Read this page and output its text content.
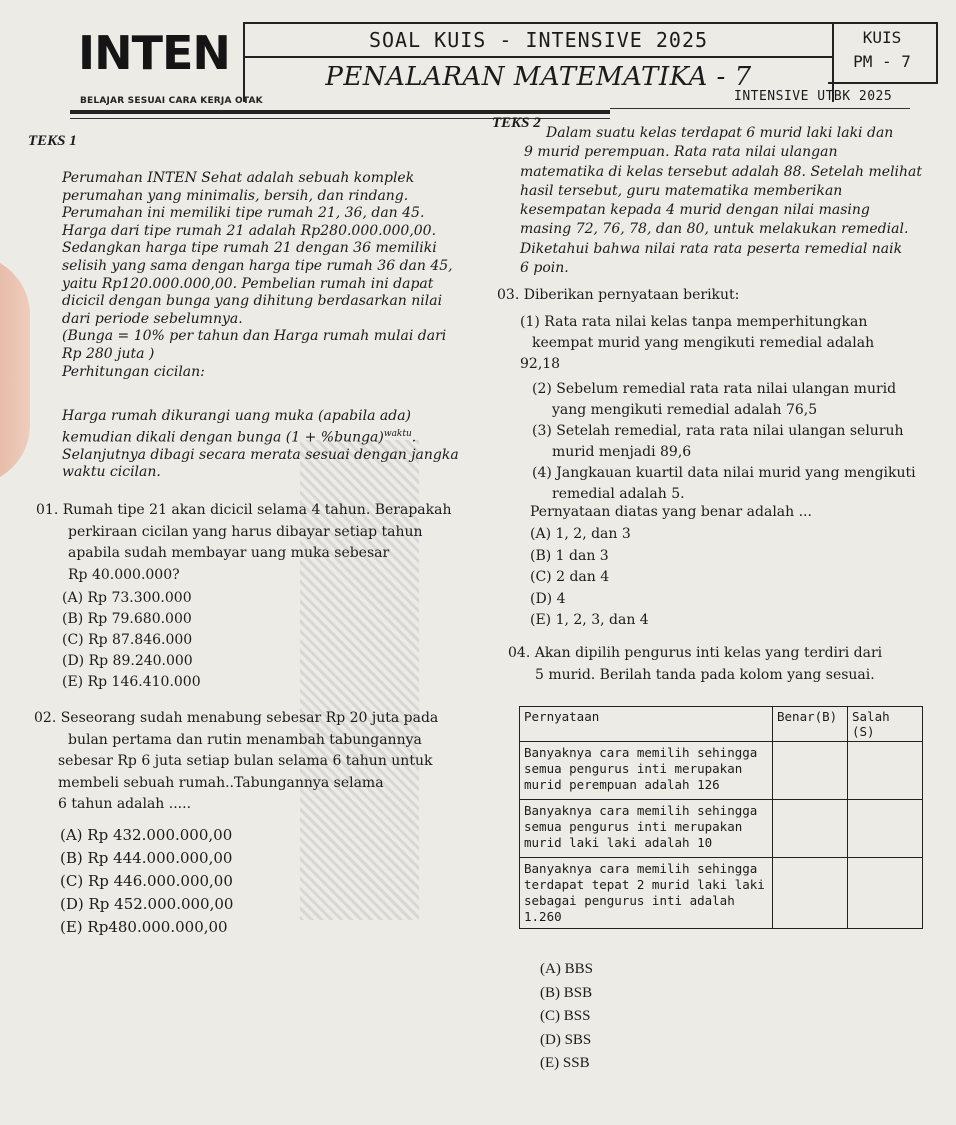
INTEN
BELAJAR SESUAI CARA KERJA OTAK
SOAL KUIS - INTENSIVE 2025
PENALARAN MATEMATIKA - 7
KUIS
PM - 7
INTENSIVE UTBK 2025
TEKS 1
Perumahan INTEN Sehat adalah sebuah komplek
perumahan yang minimalis, bersih, dan rindang.
Perumahan ini memiliki tipe rumah 21, 36, dan 45.
Harga dari tipe rumah 21 adalah Rp280.000.000,00.
Sedangkan harga tipe rumah 21 dengan 36 memiliki
selisih yang sama dengan harga tipe rumah 36 dan 45,
yaitu Rp120.000.000,00. Pembelian rumah ini dapat
dicicil dengan bunga yang dihitung berdasarkan nilai
dari periode sebelumnya.
(Bunga = 10% per tahun dan Harga rumah mulai dari
Rp 280 juta )
Perhitungan cicilan:
Harga rumah dikurangi uang muka (apabila ada)
kemudian dikali dengan bunga (1 + %bunga)$^{waktu}$.
Selanjutnya dibagi secara merata sesuai dengan jangka
waktu cicilan.
01. Rumah tipe 21 akan dicicil selama 4 tahun. Berapakah
perkiraan cicilan yang harus dibayar setiap tahun
apabila sudah membayar uang muka sebesar
Rp 40.000.000?
(A) Rp 73.300.000
(B) Rp 79.680.000
(C) Rp 87.846.000
(D) Rp 89.240.000
(E) Rp 146.410.000
02. Seseorang sudah menabung sebesar Rp 20 juta pada
bulan pertama dan rutin menambah tabungannya
sebesar Rp 6 juta setiap bulan selama 6 tahun untuk
membeli sebuah rumah..Tabungannya selama
6 tahun adalah .....
(A) Rp 432.000.000,00
(B) Rp 444.000.000,00
(C) Rp 446.000.000,00
(D) Rp 452.000.000,00
(E) Rp480.000.000,00
TEKS 2
Dalam suatu kelas terdapat 6 murid laki laki dan
9 murid perempuan. Rata rata nilai ulangan
matematika di kelas tersebut adalah 88. Setelah melihat
hasil tersebut, guru matematika memberikan
kesempatan kepada 4 murid dengan nilai masing
masing 72, 76, 78, dan 80, untuk melakukan remedial.
Diketahui bahwa nilai rata rata peserta remedial naik
6 poin.
03. Diberikan pernyataan berikut:
(1) Rata rata nilai kelas tanpa memperhitungkan
keempat murid yang mengikuti remedial adalah
92,18
(2) Sebelum remedial rata rata nilai ulangan murid
yang mengikuti remedial adalah 76,5
(3) Setelah remedial, rata rata nilai ulangan seluruh
murid menjadi 89,6
(4) Jangkauan kuartil data nilai murid yang mengikuti
remedial adalah 5.
Pernyataan diatas yang benar adalah ...
(A) 1, 2, dan 3
(B) 1 dan 3
(C) 2 dan 4
(D) 4
(E) 1, 2, 3, dan 4
04. Akan dipilih pengurus inti kelas yang terdiri dari
5 murid. Berilah tanda pada kolom yang sesuai.
Pernyataan	Benar(B)	Salah (S)

Banyaknya cara memilih sehingga
semua pengurus inti merupakan
murid perempuan adalah 126		

Banyaknya cara memilih sehingga
semua pengurus inti merupakan
murid laki laki adalah 10		

Banyaknya cara memilih sehingga
terdapat tepat 2 murid laki laki
sebagai pengurus inti adalah 1.260		

(A) BBS
(B) BSB
(C) BSS
(D) SBS
(E) SSB
